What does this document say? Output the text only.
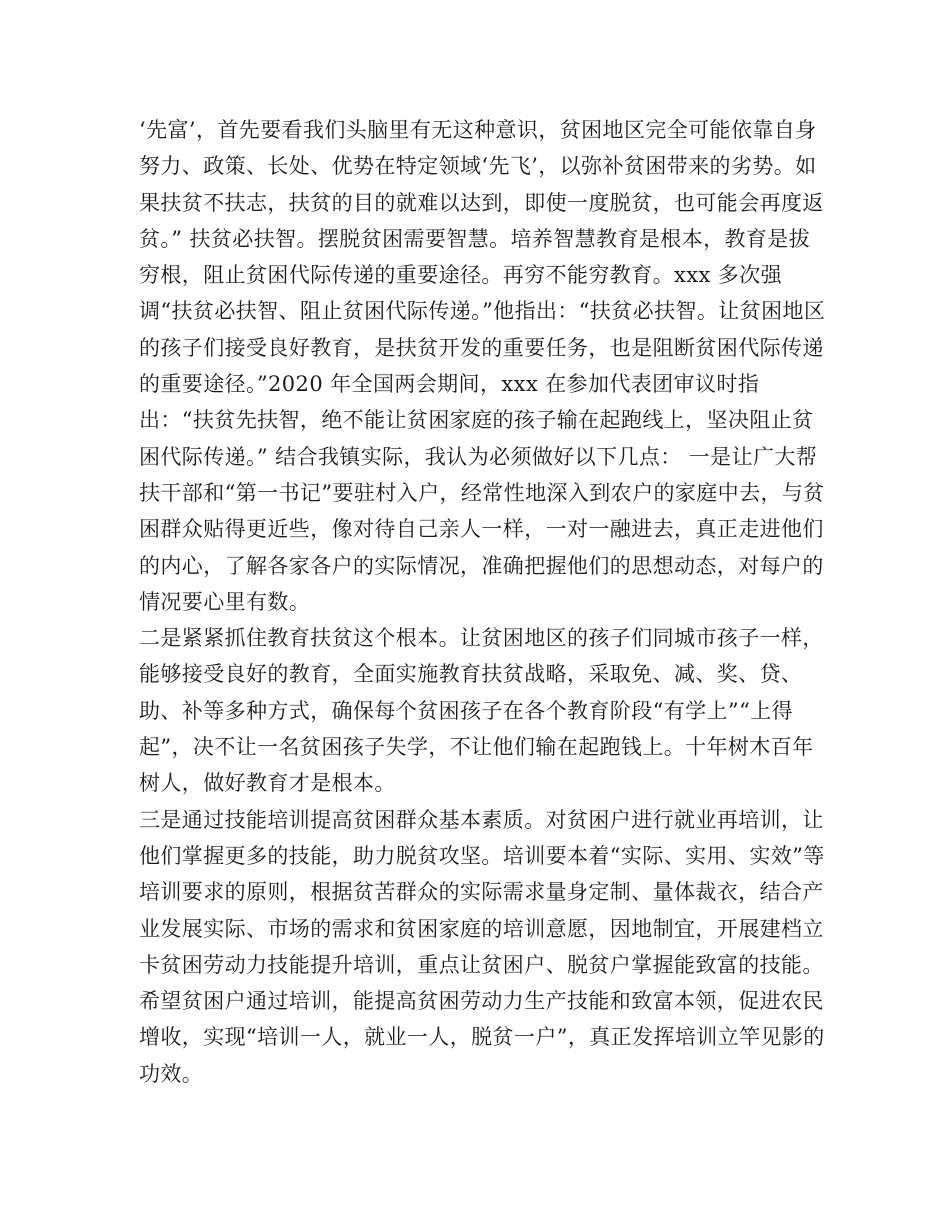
‘先富’，首先要看我们头脑里有无这种意识，贫困地区完全可能依靠自身努力、政策、长处、优势在特定领域‘先飞’，以弥补贫困带来的劣势。如果扶贫不扶志，扶贫的目的就难以达到，即使一度脱贫，也可能会再度返贫。” 扶贫必扶智。摆脱贫困需要智慧。培养智慧教育是根本，教育是拔穷根，阻止贫困代际传递的重要途径。再穷不能穷教育。xxx 多次强调“扶贫必扶智、阻止贫困代际传递。”他指出：“扶贫必扶智。让贫困地区的孩子们接受良好教育，是扶贫开发的重要任务，也是阻断贫困代际传递的重要途径。”2020 年全国两会期间，xxx 在参加代表团审议时指出：“扶贫先扶智，绝不能让贫困家庭的孩子输在起跑线上，坚决阻止贫困代际传递。” 结合我镇实际，我认为必须做好以下几点： 一是让广大帮扶干部和“第一书记”要驻村入户，经常性地深入到农户的家庭中去，与贫困群众贴得更近些，像对待自己亲人一样，一对一融进去，真正走进他们的内心，了解各家各户的实际情况，准确把握他们的思想动态，对每户的情况要心里有数。

二是紧紧抓住教育扶贫这个根本。让贫困地区的孩子们同城市孩子一样，能够接受良好的教育，全面实施教育扶贫战略，采取免、减、奖、贷、助、补等多种方式，确保每个贫困孩子在各个教育阶段“有学上”“上得起”，决不让一名贫困孩子失学，不让他们输在起跑钱上。十年树木百年树人，做好教育才是根本。

三是通过技能培训提高贫困群众基本素质。对贫困户进行就业再培训，让他们掌握更多的技能，助力脱贫攻坚。培训要本着“实际、实用、实效”等培训要求的原则，根据贫苦群众的实际需求量身定制、量体裁衣，结合产业发展实际、市场的需求和贫困家庭的培训意愿，因地制宜，开展建档立卡贫困劳动力技能提升培训，重点让贫困户、脱贫户掌握能致富的技能。希望贫困户通过培训，能提高贫困劳动力生产技能和致富本领，促进农民增收，实现“培训一人，就业一人，脱贫一户”，真正发挥培训立竿见影的功效。
